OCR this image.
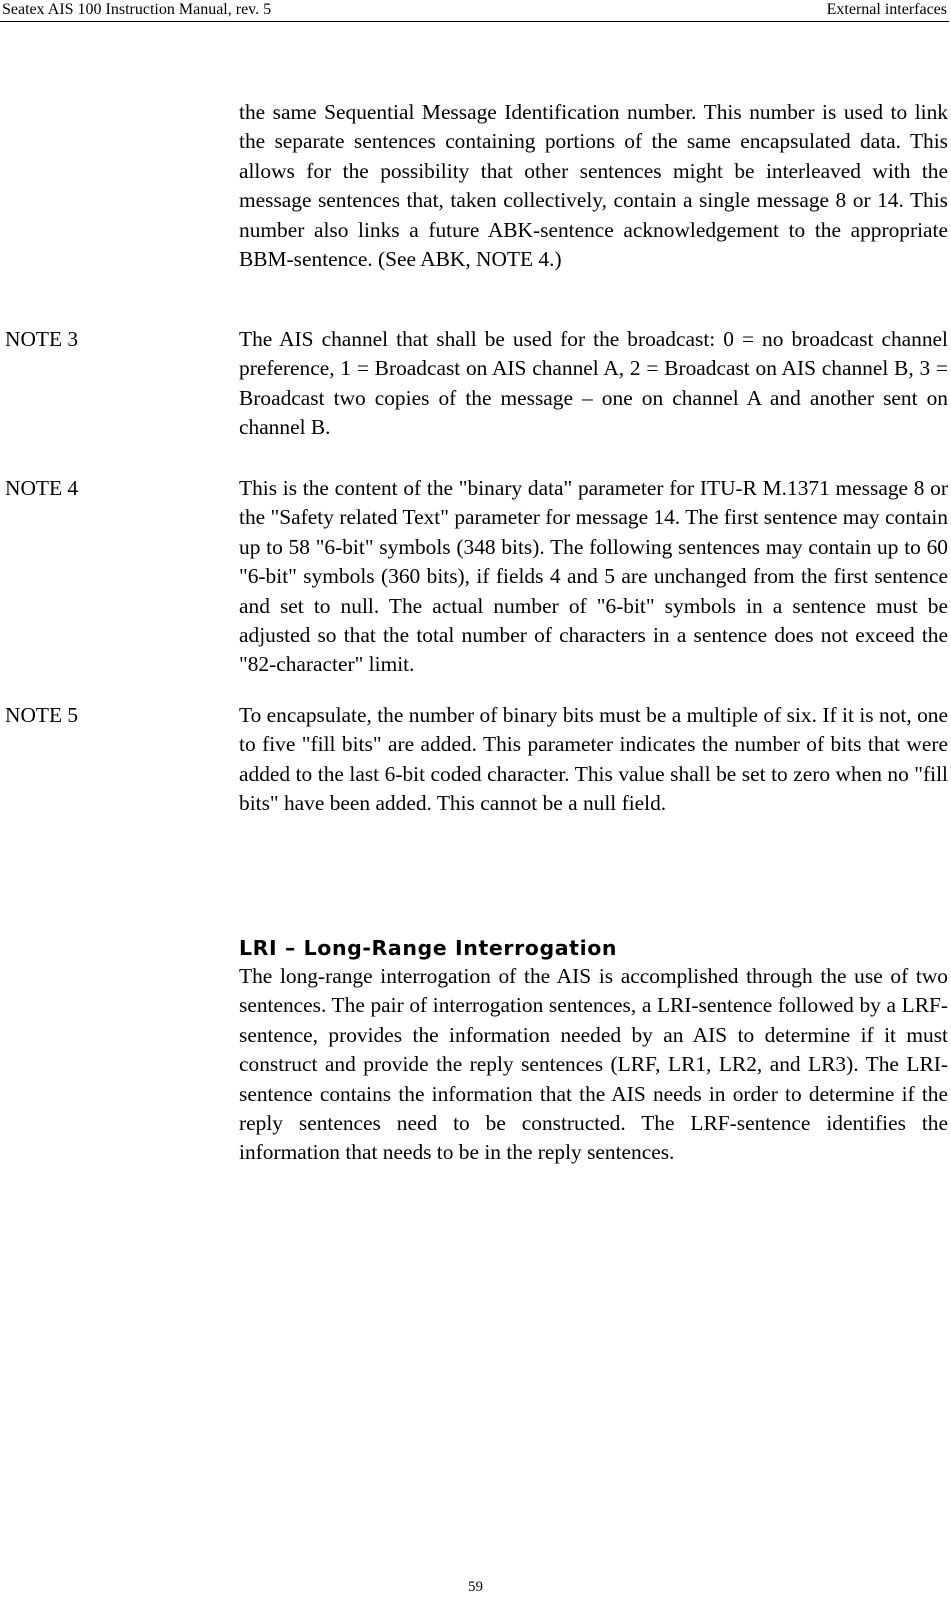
Seatex AIS 100 Instruction Manual, rev. 5	External interfaces

the same Sequential Message Identification number. This number is used to link the separate sentences containing portions of the same encapsulated data. This allows for the possibility that other sentences might be interleaved with the message sentences that, taken collectively, contain a single message 8 or 14. This number also links a future ABK-sentence acknowledgement to the appropriate BBM-sentence. (See ABK, NOTE 4.)

NOTE 3	The AIS channel that shall be used for the broadcast: 0 = no broadcast channel preference, 1 = Broadcast on AIS channel A, 2 = Broadcast on AIS channel B, 3 = Broadcast two copies of the message – one on channel A and another sent on channel B.

NOTE 4	This is the content of the "binary data" parameter for ITU-R M.1371 message 8 or the "Safety related Text" parameter for message 14. The first sentence may contain up to 58 "6-bit" symbols (348 bits). The following sentences may contain up to 60 "6-bit" symbols (360 bits), if fields 4 and 5 are unchanged from the first sentence and set to null. The actual number of "6-bit" symbols in a sentence must be adjusted so that the total number of characters in a sentence does not exceed the "82-character" limit.

NOTE 5	To encapsulate, the number of binary bits must be a multiple of six. If it is not, one to five "fill bits" are added. This parameter indicates the number of bits that were added to the last 6-bit coded character. This value shall be set to zero when no "fill bits" have been added. This cannot be a null field.

LRI – Long-Range Interrogation

The long-range interrogation of the AIS is accomplished through the use of two sentences. The pair of interrogation sentences, a LRI-sentence followed by a LRF-sentence, provides the information needed by an AIS to determine if it must construct and provide the reply sentences (LRF, LR1, LR2, and LR3). The LRI-sentence contains the information that the AIS needs in order to determine if the reply sentences need to be constructed. The LRF-sentence identifies the information that needs to be in the reply sentences.

59
